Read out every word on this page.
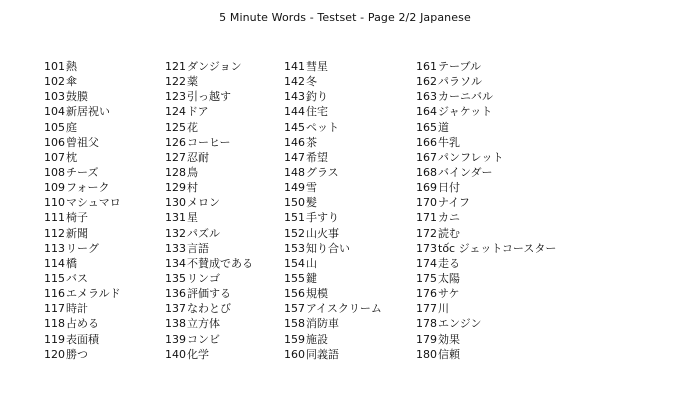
5 Minute Words - Testset - Page 2/2 Japanese
101熱
102傘
103鼓膜
104新居祝い
105庭
106曾祖父
107枕
108チーズ
109フォーク
110マシュマロ
111椅子
112新聞
113リーグ
114橋
115バス
116エメラルド
117時計
118占める
119表面積
120勝つ
121ダンジョン
122薬
123引っ越す
124ドア
125花
126コーヒー
127忍耐
128鳥
129村
130メロン
131星
132パズル
133言語
134不賛成である
135リンゴ
136評価する
137なわとび
138立方体
139コンビ
140化学
141彗星
142冬
143釣り
144住宅
145ペット
146茶
147希望
148グラス
149雪
150髪
151手すり
152山火事
153知り合い
154山
155鍵
156規模
157アイスクリーム
158消防車
159施設
160同義語
161テーブル
162パラソル
163カーニバル
164ジャケット
165道
166牛乳
167パンフレット
168バインダー
169日付
170ナイフ
171カニ
172読む
173tốc ジェットコースター
174走る
175太陽
176サケ
177川
178エンジン
179効果
180信頼
